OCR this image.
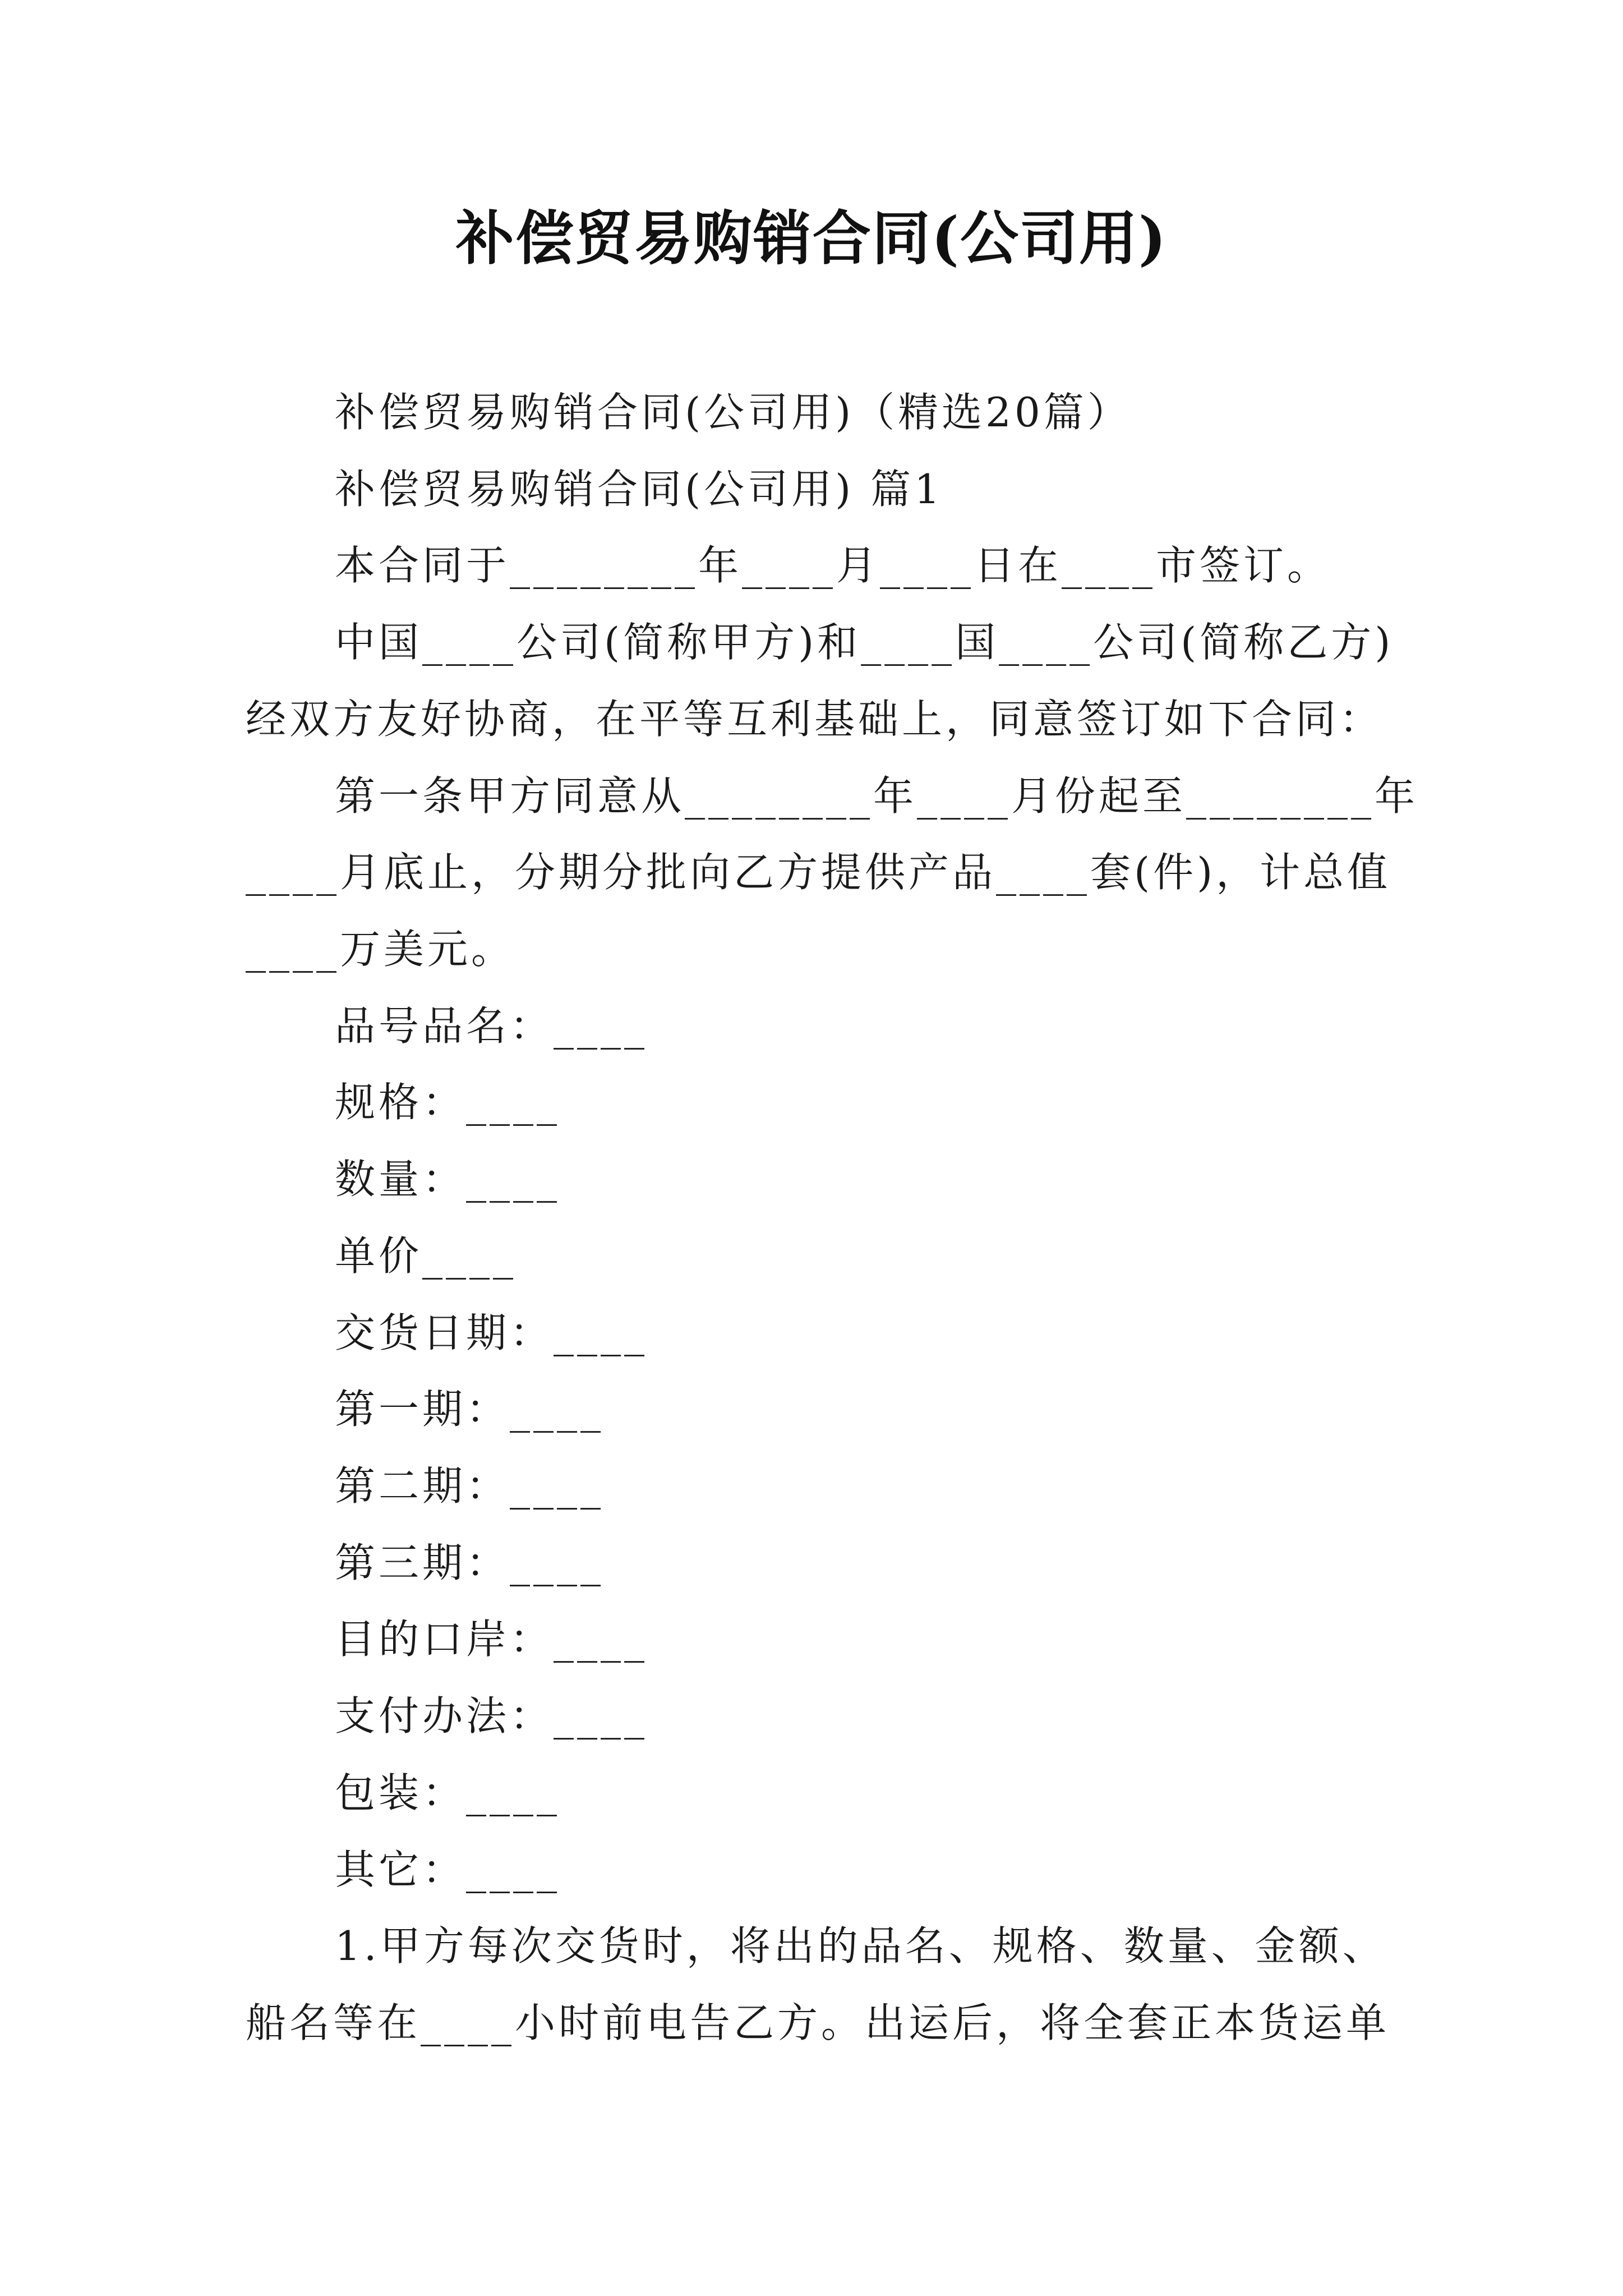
补偿贸易购销合同(公司用)
补偿贸易购销合同(公司用)（精选20篇）
补偿贸易购销合同(公司用) 篇1
本合同于________年____月____日在____市签订。
中国____公司(简称甲方)和____国____公司(简称乙方)
经双方友好协商，在平等互利基础上，同意签订如下合同：
第一条甲方同意从________年____月份起至________年
____月底止，分期分批向乙方提供产品____套(件)，计总值
____万美元。
品号品名：____
规格：____
数量：____
单价____
交货日期：____
第一期：____
第二期：____
第三期：____
目的口岸：____
支付办法：____
包装：____
其它：____
1.甲方每次交货时，将出的品名、规格、数量、金额、
船名等在____小时前电告乙方。出运后，将全套正本货运单
